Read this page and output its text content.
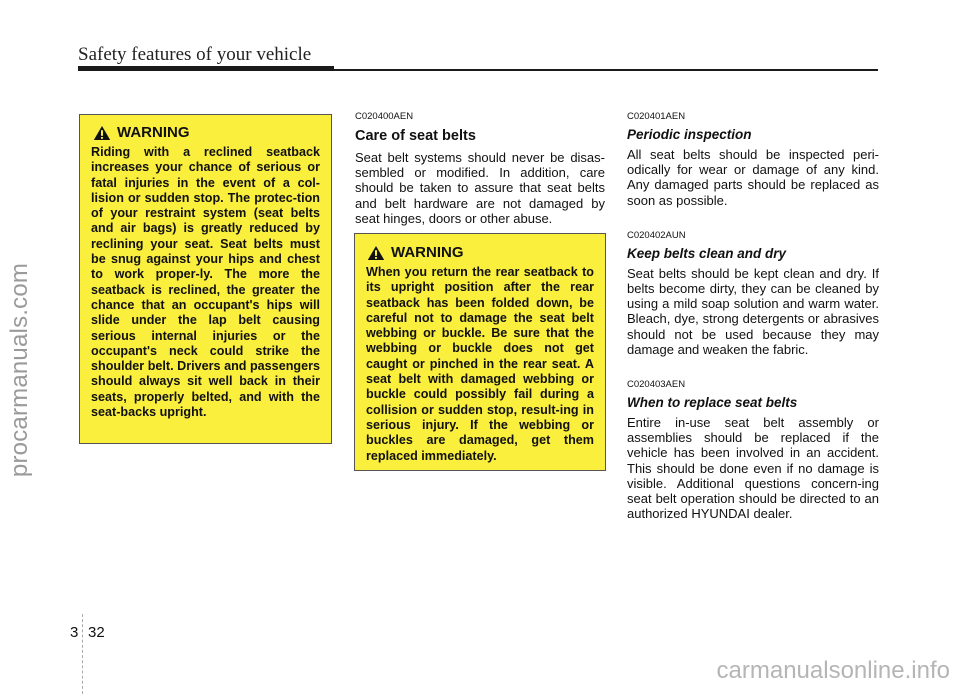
Safety features of your vehicle
procarmanuals.com
WARNING

Riding with a reclined seatback increases your chance of serious or fatal injuries in the event of a col-lision or sudden stop. The protec-tion of your restraint system (seat belts and air bags) is greatly reduced by reclining your seat. Seat belts must be snug against your hips and chest to work proper-ly. The more the seatback is reclined, the greater the chance that an occupant's hips will slide under the lap belt causing serious internal injuries or the occupant's neck could strike the shoulder belt. Drivers and passengers should always sit well back in their seats, properly belted, and with the seat-backs upright.

C020400AEN
Care of seat belts

Seat belt systems should never be disas-sembled or modified. In addition, care should be taken to assure that seat belts and belt hardware are not damaged by seat hinges, doors or other abuse.

WARNING

When you return the rear seatback to its upright position after the rear seatback has been folded down, be careful not to damage the seat belt webbing or buckle. Be sure that the webbing or buckle does not get caught or pinched in the rear seat. A seat belt with damaged webbing or buckle could possibly fail during a collision or sudden stop, result-ing in serious injury. If the webbing or buckles are damaged, get them replaced immediately.

C020401AEN
Periodic inspection

All seat belts should be inspected peri-odically for wear or damage of any kind. Any damaged parts should be replaced as soon as possible.

C020402AUN
Keep belts clean and dry

Seat belts should be kept clean and dry. If belts become dirty, they can be cleaned by using a mild soap solution and warm water. Bleach, dye, strong detergents or abrasives should not be used because they may damage and weaken the fabric.

C020403AEN
When to replace seat belts

Entire in-use seat belt assembly or assemblies should be replaced if the vehicle has been involved in an accident. This should be done even if no damage is visible. Additional questions concern-ing seat belt operation should be directed to an authorized HYUNDAI dealer.

3 32
carmanualsonline.info
